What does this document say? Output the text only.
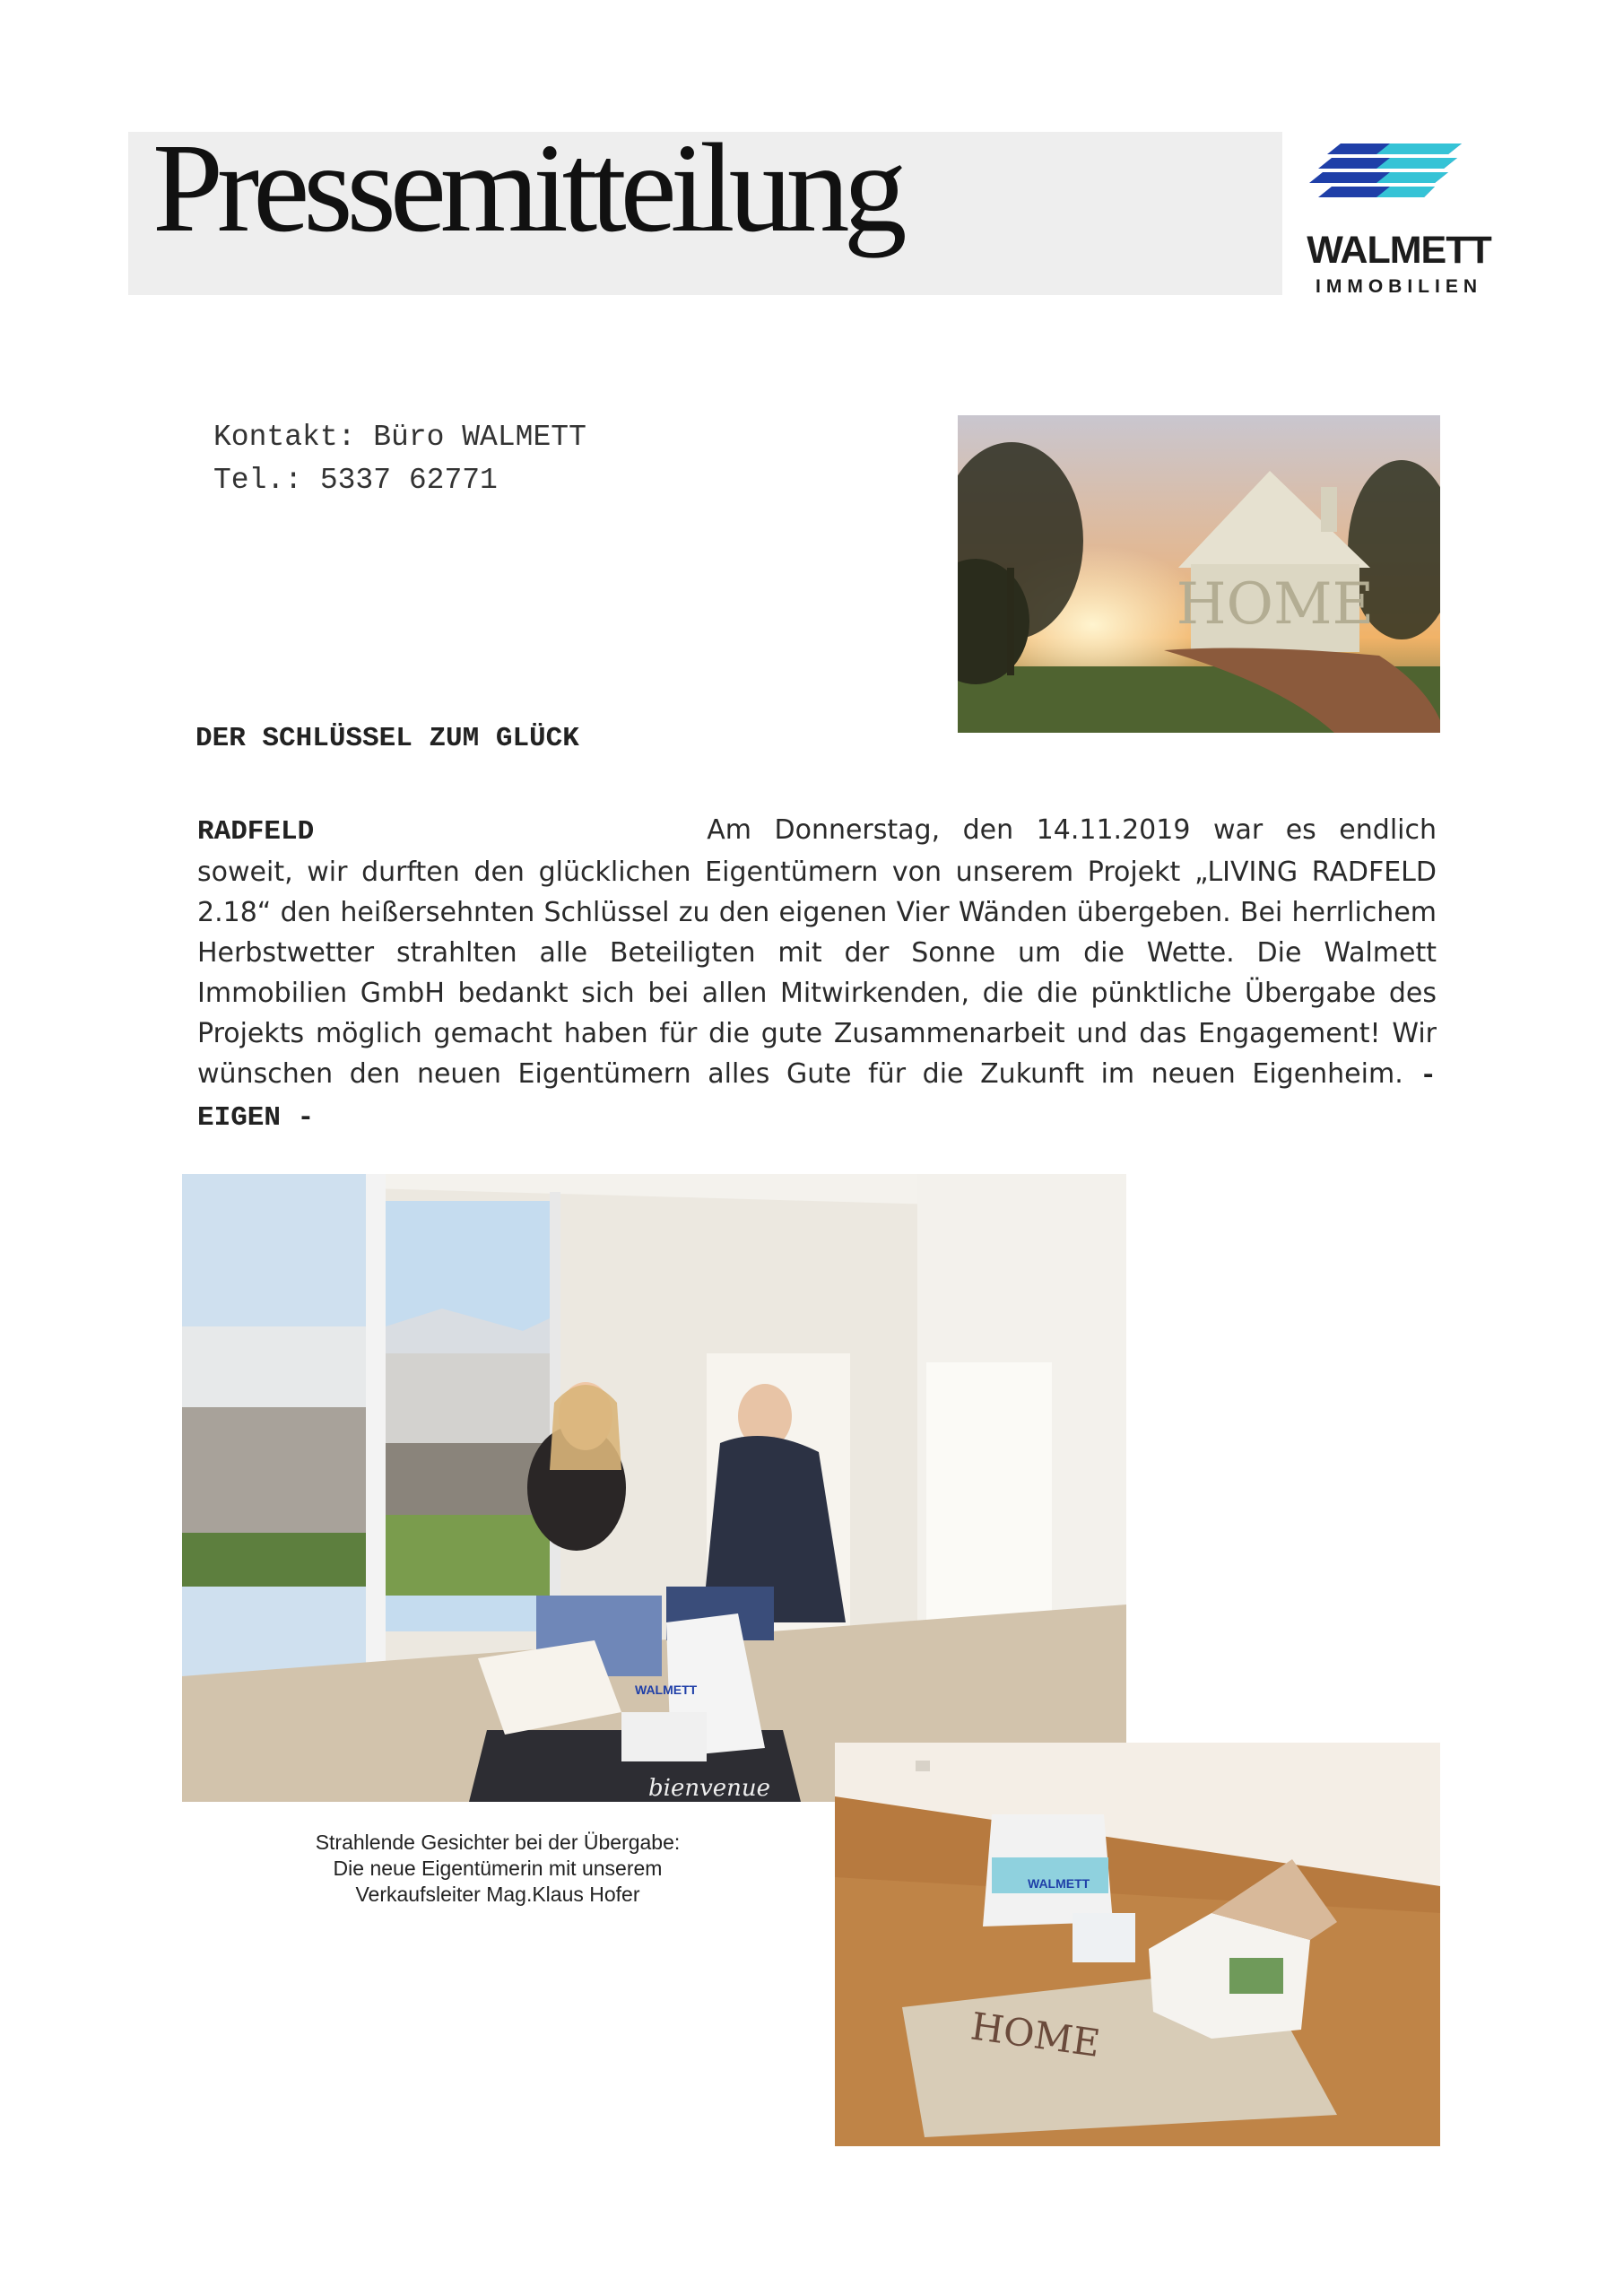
Pressemitteilung	WALMETT
IMMOBILIEN
Kontakt: Büro WALMETT
Tel.: 5337 62771
HOME
DER SCHLÜSSEL ZUM GLÜCK
RADFELD	Am Donnerstag, den 14.11.2019 war es endlich soweit, wir durften den glücklichen Eigentümern von unserem Projekt „LIVING RADFELD 2.18“ den heißersehnten Schlüssel zu den eigenen Vier Wänden übergeben. Bei herrlichem Herbstwetter strahlten alle Beteiligten mit der Sonne um die Wette. Die Walmett Immobilien GmbH bedankt sich bei allen Mitwirkenden, die die pünktliche Übergabe des Projekts möglich gemacht haben für die gute Zusammenarbeit und das Engagement! Wir wünschen den neuen Eigentümern alles Gute für die Zukunft im neuen Eigenheim. - EIGEN -
WALMETT
bienvenue
Strahlende Gesichter bei der Übergabe:
Die neue Eigentümerin mit unserem
Verkaufsleiter Mag.Klaus Hofer
HOME
WALMETT
